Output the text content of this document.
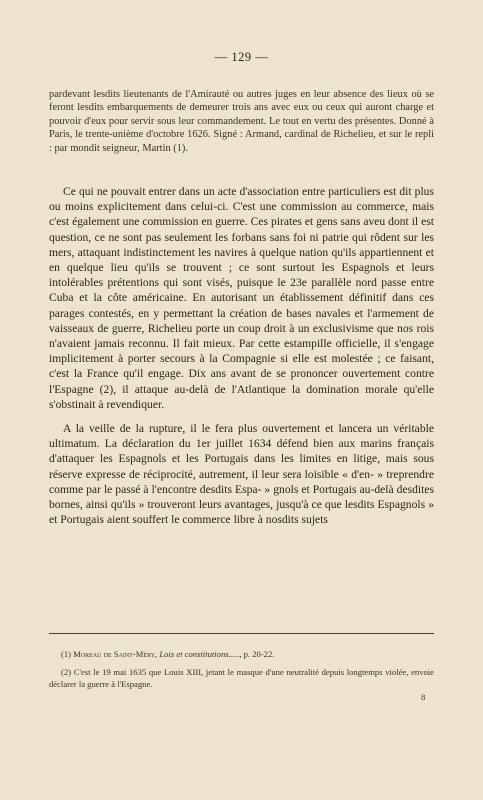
— 129 —

pardevant lesdits lieutenants de l'Amirauté ou autres juges en leur absence des lieux où se feront lesdits embarquements de demeurer trois ans avec eux ou ceux qui auront charge et pouvoir d'eux pour servir sous leur commandement. Le tout en vertu des présentes. Donné à Paris, le trente-unième d'octobre 1626. Signé : Armand, cardinal de Richelieu, et sur le repli : par mondit seigneur, Martin (1).

Ce qui ne pouvait entrer dans un acte d'association entre particuliers est dit plus ou moins explicitement dans celui-ci. C'est une commission au commerce, mais c'est également une commission en guerre. Ces pirates et gens sans aveu dont il est question, ce ne sont pas seulement les forbans sans foi ni patrie qui rôdent sur les mers, attaquant indistinctement les navires à quelque nation qu'ils appartiennent et en quelque lieu qu'ils se trouvent ; ce sont surtout les Espagnols et leurs intolérables prétentions qui sont visés, puisque le 23e parallèle nord passe entre Cuba et la côte américaine. En autorisant un établissement définitif dans ces parages contestés, en y permettant la création de bases navales et l'armement de vaisseaux de guerre, Richelieu porte un coup droit à un exclusivisme que nos rois n'avaient jamais reconnu. Il fait mieux. Par cette estampille officielle, il s'engage implicitement à porter secours à la Compagnie si elle est molestée ; ce faisant, c'est la France qu'il engage. Dix ans avant de se prononcer ouvertement contre l'Espagne (2), il attaque au-delà de l'Atlantique la domination morale qu'elle s'obstinait à revendiquer.

A la veille de la rupture, il le fera plus ouvertement et lancera un véritable ultimatum. La déclaration du 1er juillet 1634 défend bien aux marins français d'attaquer les Espagnols et les Portugais dans les limites en litige, mais sous réserve expresse de réciprocité, autrement, il leur sera loisible « d'en- » treprendre comme par le passé à l'encontre desdits Espa- » gnols et Portugais au-delà desdites bornes, ainsi qu'ils » trouveront leurs avantages, jusqu'à ce que lesdits Espagnols » et Portugais aient souffert le commerce libre à nosdits sujets

(1) Moreau de Saint-Méry, Lois et constitutions....., p. 20-22.

(2) C'est le 19 mai 1635 que Louis XIII, jetant le masque d'une neutralité depuis longtemps violée, envoie déclarer la guerre à l'Espagne.

8
